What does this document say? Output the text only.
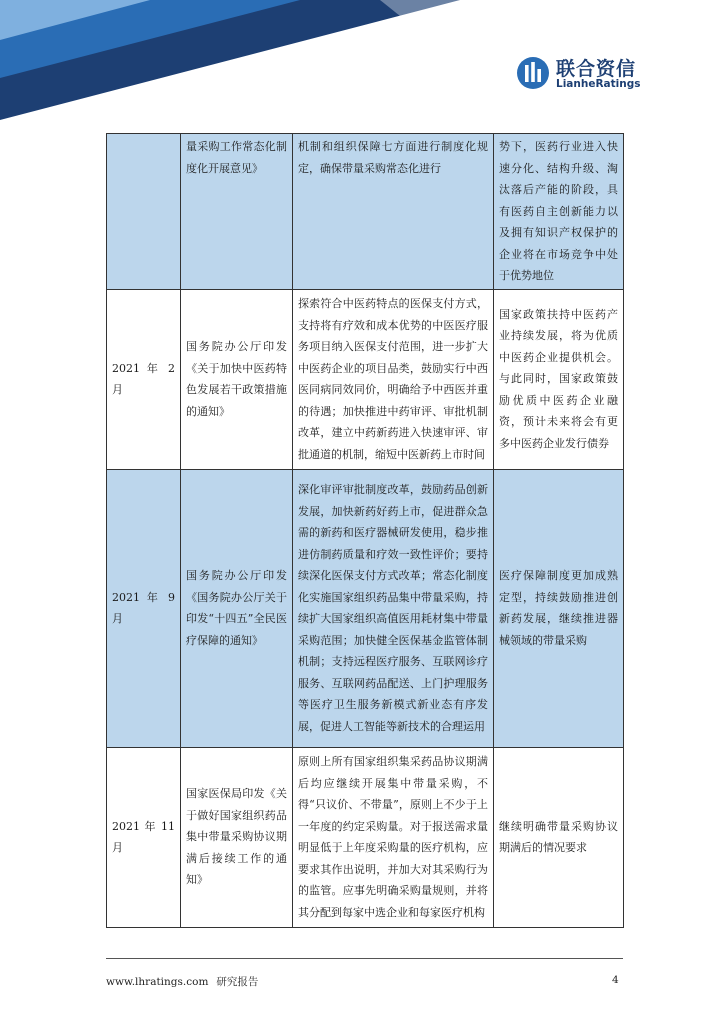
联合资信
LianheRatings
	量采购工作常态化制度化开展意见》	机制和组织保障七方面进行制度化规定，确保带量采购常态化进行	势下，医药行业进入快速分化、结构升级、淘汰落后产能的阶段，具有医药自主创新能力以及拥有知识产权保护的企业将在市场竞争中处于优势地位
2021 年 2 月	国务院办公厅印发《关于加快中医药特色发展若干政策措施的通知》	探索符合中医药特点的医保支付方式，支持将有疗效和成本优势的中医医疗服务项目纳入医保支付范围，进一步扩大中医药企业的项目品类，鼓励实行中西医同病同效同价，明确给予中西医并重的待遇；加快推进中药审评、审批机制改革，建立中药新药进入快速审评、审批通道的机制，缩短中医新药上市时间	国家政策扶持中医药产业持续发展，将为优质中医药企业提供机会。与此同时，国家政策鼓励优质中医药企业融资，预计未来将会有更多中医药企业发行债券
2021 年 9 月	国务院办公厅印发《国务院办公厅关于印发“十四五”全民医疗保障的通知》	深化审评审批制度改革，鼓励药品创新发展，加快新药好药上市，促进群众急需的新药和医疗器械研发使用，稳步推进仿制药质量和疗效一致性评价；要持续深化医保支付方式改革；常态化制度化实施国家组织药品集中带量采购，持续扩大国家组织高值医用耗材集中带量采购范围；加快健全医保基金监管体制机制；支持远程医疗服务、互联网诊疗服务、互联网药品配送、上门护理服务等医疗卫生服务新模式新业态有序发展，促进人工智能等新技术的合理运用	医疗保障制度更加成熟定型，持续鼓励推进创新药发展，继续推进器械领域的带量采购
2021 年 11 月	国家医保局印发《关于做好国家组织药品集中带量采购协议期满后接续工作的通知》	原则上所有国家组织集采药品协议期满后均应继续开展集中带量采购，不得“只议价、不带量”，原则上不少于上一年度的约定采购量。对于报送需求量明显低于上年度采购量的医疗机构，应要求其作出说明，并加大对其采购行为的监管。应事先明确采购量规则，并将其分配到每家中选企业和每家医疗机构	继续明确带量采购协议期满后的情况要求
www.lhratings.com 研究报告	4
